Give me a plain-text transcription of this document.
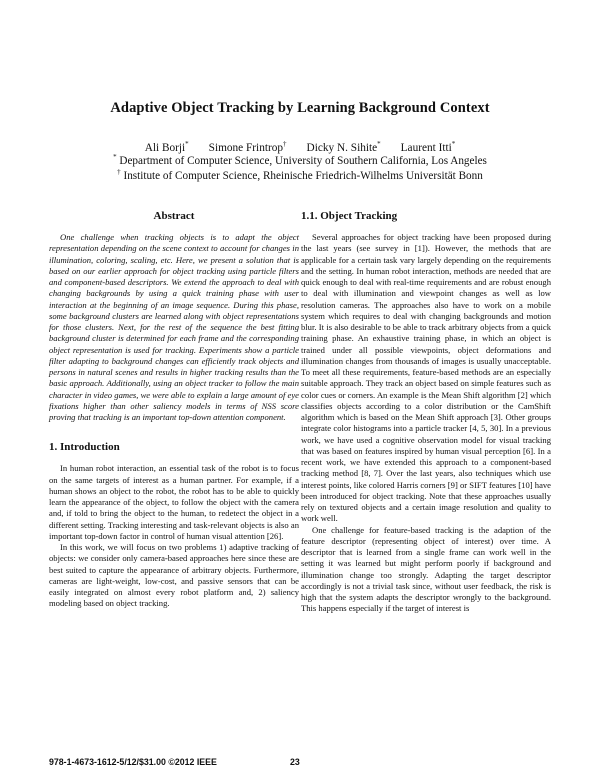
Adaptive Object Tracking by Learning Background Context
Ali Borji* Simone Frintrop† Dicky N. Sihite* Laurent Itti*
* Department of Computer Science, University of Southern California, Los Angeles
† Institute of Computer Science, Rheinische Friedrich-Wilhelms Universität Bonn
Abstract

One challenge when tracking objects is to adapt the object representation depending on the scene context to account for changes in illumination, coloring, scaling, etc. Here, we present a solution that is based on our earlier approach for object tracking using particle filters and component-based descriptors. We extend the approach to deal with changing backgrounds by using a quick training phase with user interaction at the beginning of an image sequence. During this phase, some background clusters are learned along with object representations for those clusters. Next, for the rest of the sequence the best fitting background cluster is determined for each frame and the corresponding object representation is used for tracking. Experiments show a particle filter adapting to background changes can efficiently track objects and persons in natural scenes and results in higher tracking results than the basic approach. Additionally, using an object tracker to follow the main character in video games, we were able to explain a large amount of eye fixations higher than other saliency models in terms of NSS score proving that tracking is an important top-down attention component.

1. Introduction

In human robot interaction, an essential task of the robot is to focus on the same targets of interest as a human partner. For example, if a human shows an object to the robot, the robot has to be able to quickly learn the appearance of the object, to follow the object with the camera and, if told to bring the object to the human, to redetect the object in a different setting. Tracking interesting and task-relevant objects is also an important top-down factor in control of human visual attention [26].

In this work, we will focus on two problems 1) adaptive tracking of objects: we consider only camera-based approaches here since these are best suited to capture the appearance of arbitrary objects. Furthermore, cameras are light-weight, low-cost, and passive sensors that can be easily integrated on almost every robot platform and, 2) saliency modeling based on object tracking.

1.1. Object Tracking

Several approaches for object tracking have been proposed during the last years (see survey in [1]). However, the methods that are applicable for a certain task vary largely depending on the requirements and the setting. In human robot interaction, methods are needed that are quick enough to deal with real-time requirements and are robust enough to deal with illumination and viewpoint changes as well as low resolution cameras. The approaches also have to work on a mobile system which requires to deal with changing backgrounds and motion blur. It is also desirable to be able to track arbitrary objects from a quick training phase. An exhaustive training phase, in which an object is trained under all possible viewpoints, object deformations and illumination changes from thousands of images is usually unacceptable. To meet all these requirements, feature-based methods are an especially suitable approach. They track an object based on simple features such as color cues or corners. An example is the Mean Shift algorithm [2] which classifies objects according to a color distribution or the CamShift algorithm which is based on the Mean Shift approach [3]. Other groups integrate color histograms into a particle tracker [4, 5, 30]. In a previous work, we have used a cognitive observation model for visual tracking that was based on features inspired by human visual perception [6]. In a recent work, we have extended this approach to a component-based tracking method [8, 7]. Over the last years, also techniques which use interest points, like colored Harris corners [9] or SIFT features [10] have been introduced for object tracking. Note that these approaches usually rely on textured objects and a certain image resolution and quality to work well.

One challenge for feature-based tracking is the adaption of the feature descriptor (representing object of interest) over time. A descriptor that is learned from a single frame can work well in the setting it was learned but might perform poorly if background and illumination change too strongly. Adapting the target descriptor accordingly is not a trivial task since, without user feedback, the risk is high that the system adapts the descriptor wrongly to the background. This happens especially if the target of interest is

978-1-4673-1612-5/12/$31.00 ©2012 IEEE	23
